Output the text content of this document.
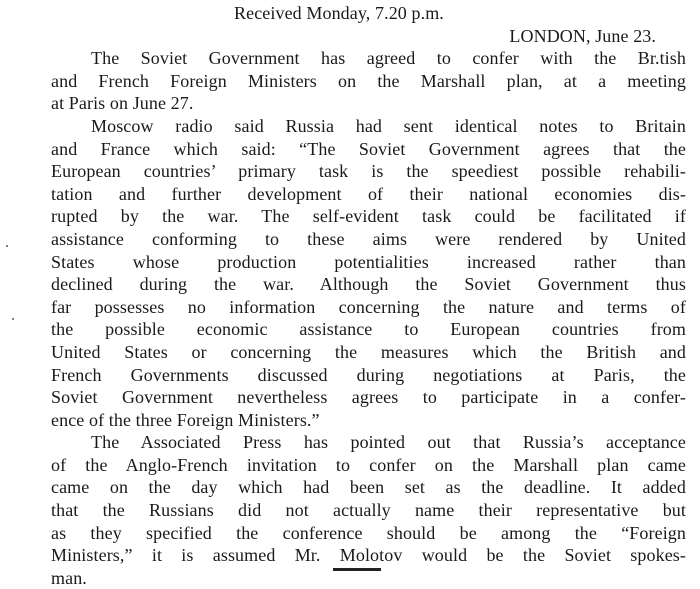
Received Monday, 7.20 p.m.
LONDON, June 23.
The Soviet Government has agreed to confer with the Br.tish
and French Foreign Ministers on the Marshall plan, at a meeting
at Paris on June 27.
Moscow radio said Russia had sent identical notes to Britain
and France which said: “The Soviet Government agrees that the
European countries’ primary task is the speediest possible rehabili-
tation and further development of their national economies dis-
rupted by the war. The self-evident task could be facilitated if
assistance conforming to these aims were rendered by United
States whose production potentialities increased rather than
declined during the war. Although the Soviet Government thus
far possesses no information concerning the nature and terms of
the possible economic assistance to European countries from
United States or concerning the measures which the British and
French Governments discussed during negotiations at Paris, the
Soviet Government nevertheless agrees to participate in a confer-
ence of the three Foreign Ministers.”
The Associated Press has pointed out that Russia’s acceptance
of the Anglo-French invitation to confer on the Marshall plan came
came on the day which had been set as the deadline. It added
that the Russians did not actually name their representative but
as they specified the conference should be among the “Foreign
Ministers,” it is assumed Mr. Molotov would be the Soviet spokes-
man.
